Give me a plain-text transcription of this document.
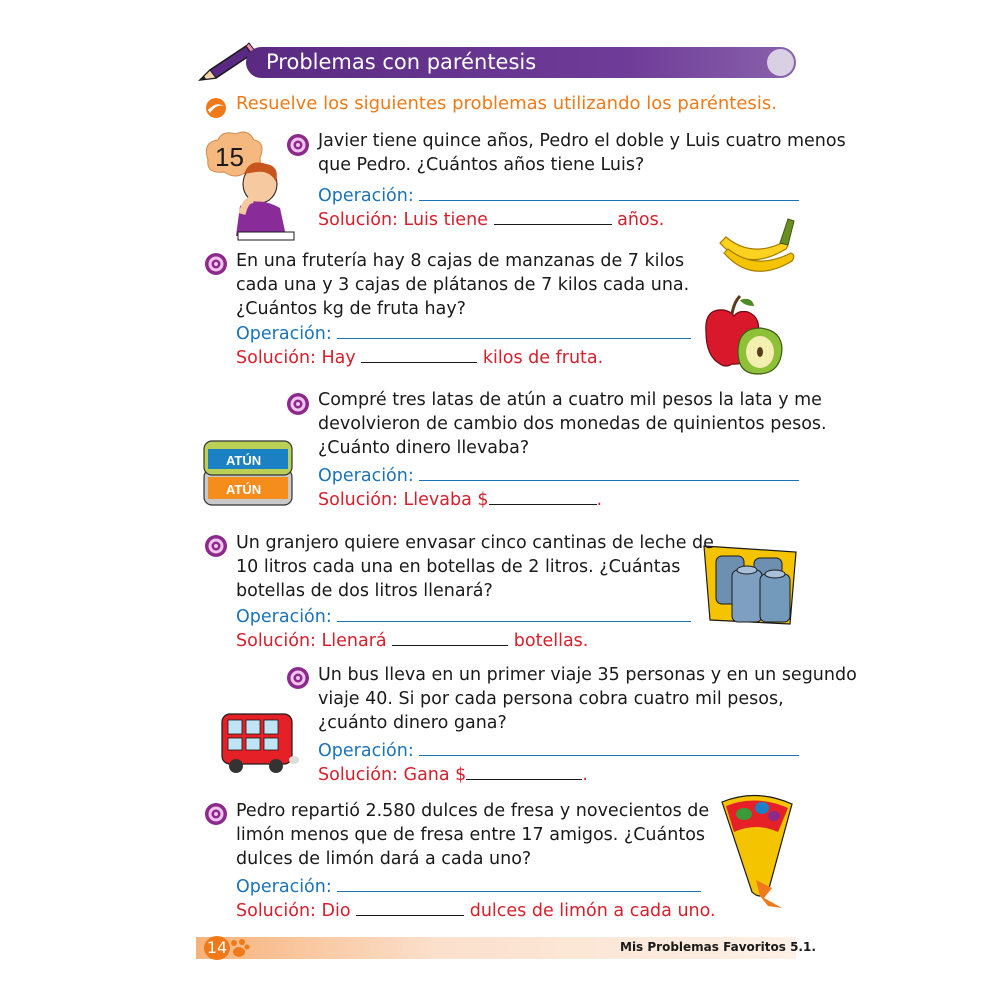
Problemas con paréntesis
Resuelve los siguientes problemas utilizando los paréntesis.
15
Javier tiene quince años, Pedro el doble y Luis cuatro menos
que Pedro. ¿Cuántos años tiene Luis?
Operación:
Solución: Luis tiene	años.
En una frutería hay 8 cajas de manzanas de 7 kilos
cada una y 3 cajas de plátanos de 7 kilos cada una.
¿Cuántos kg de fruta hay?
Operación:
Solución: Hay	kilos de fruta.
ATÚN
ATÚN
Compré tres latas de atún a cuatro mil pesos la lata y me
devolvieron de cambio dos monedas de quinientos pesos.
¿Cuánto dinero llevaba?
Operación:
Solución: Llevaba $	.
Un granjero quiere envasar cinco cantinas de leche de
10 litros cada una en botellas de 2 litros. ¿Cuántas
botellas de dos litros llenará?
Operación:
Solución: Llenará	botellas.
Un bus lleva en un primer viaje 35 personas y en un segundo
viaje 40. Si por cada persona cobra cuatro mil pesos,
¿cuánto dinero gana?
Operación:
Solución: Gana $	.
Pedro repartió 2.580 dulces de fresa y novecientos de
limón menos que de fresa entre 17 amigos. ¿Cuántos
dulces de limón dará a cada uno?
Operación:
Solución: Dio	dulces de limón a cada uno.
14	Mis Problemas Favoritos 5.1.
